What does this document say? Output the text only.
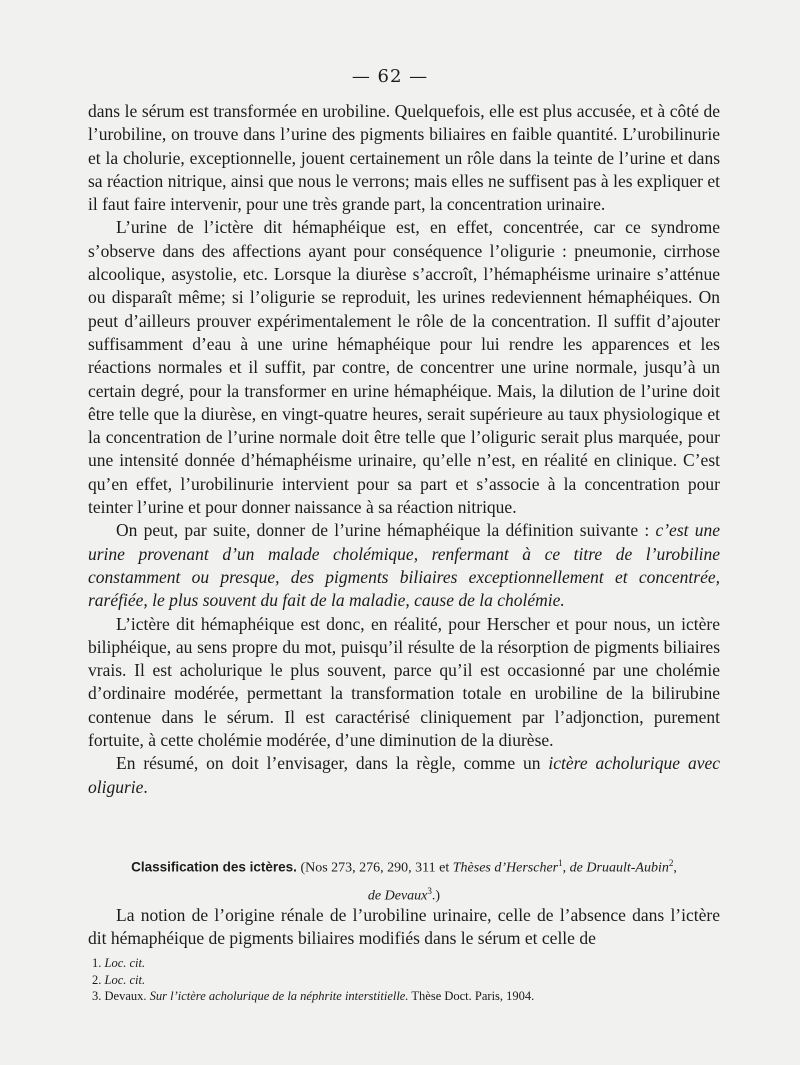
— 62 —

dans le sérum est transformée en urobiline. Quelquefois, elle est plus accusée, et à côté de l’urobiline, on trouve dans l’urine des pigments biliaires en faible quantité. L’urobilinurie et la cholurie, exceptionnelle, jouent certainement un rôle dans la teinte de l’urine et dans sa réaction nitrique, ainsi que nous le verrons; mais elles ne suffisent pas à les expliquer et il faut faire intervenir, pour une très grande part, la concentration urinaire.

L’urine de l’ictère dit hémaphéique est, en effet, concentrée, car ce syndrome s’observe dans des affections ayant pour conséquence l’oligurie : pneumonie, cirrhose alcoolique, asystolie, etc. Lorsque la diurèse s’accroît, l’hémaphéisme urinaire s’atténue ou disparaît même; si l’oligurie se reproduit, les urines redeviennent hémaphéiques. On peut d’ailleurs prouver expérimentalement le rôle de la concentration. Il suffit d’ajouter suffisamment d’eau à une urine hémaphéique pour lui rendre les apparences et les réactions normales et il suffit, par contre, de concentrer une urine normale, jusqu’à un certain degré, pour la transformer en urine hémaphéique. Mais, la dilution de l’urine doit être telle que la diurèse, en vingt-quatre heures, serait supérieure au taux physiologique et la concentration de l’urine normale doit être telle que l’oliguric serait plus marquée, pour une intensité donnée d’hémaphéisme urinaire, qu’elle n’est, en réalité en clinique. C’est qu’en effet, l’urobilinurie intervient pour sa part et s’associe à la concentration pour teinter l’urine et pour donner naissance à sa réaction nitrique.

On peut, par suite, donner de l’urine hémaphéique la définition suivante : c’est une urine provenant d’un malade cholémique, renfermant à ce titre de l’urobiline constamment ou presque, des pigments biliaires exceptionnellement et concentrée, raréfiée, le plus souvent du fait de la maladie, cause de la cholémie.

L’ictère dit hémaphéique est donc, en réalité, pour Herscher et pour nous, un ictère biliphéique, au sens propre du mot, puisqu’il résulte de la résorption de pigments biliaires vrais. Il est acholurique le plus souvent, parce qu’il est occasionné par une cholémie d’ordinaire modérée, permettant la transformation totale en urobiline de la bilirubine contenue dans le sérum. Il est caractérisé cliniquement par l’adjonction, purement fortuite, à cette cholémie modérée, d’une diminution de la diurèse.

En résumé, on doit l’envisager, dans la règle, comme un ictère acholurique avec oligurie.

Classification des ictères. (Nos 273, 276, 290, 311 et Thèses d’Herscher$^1$, de Druault-Aubin$^2$,
de Devaux$^3$.)

La notion de l’origine rénale de l’urobiline urinaire, celle de l’absence dans l’ictère dit hémaphéique de pigments biliaires modifiés dans le sérum et celle de

1. Loc. cit.
2. Loc. cit.
3. Devaux. Sur l’ictère acholurique de la néphrite interstitielle. Thèse Doct. Paris, 1904.
